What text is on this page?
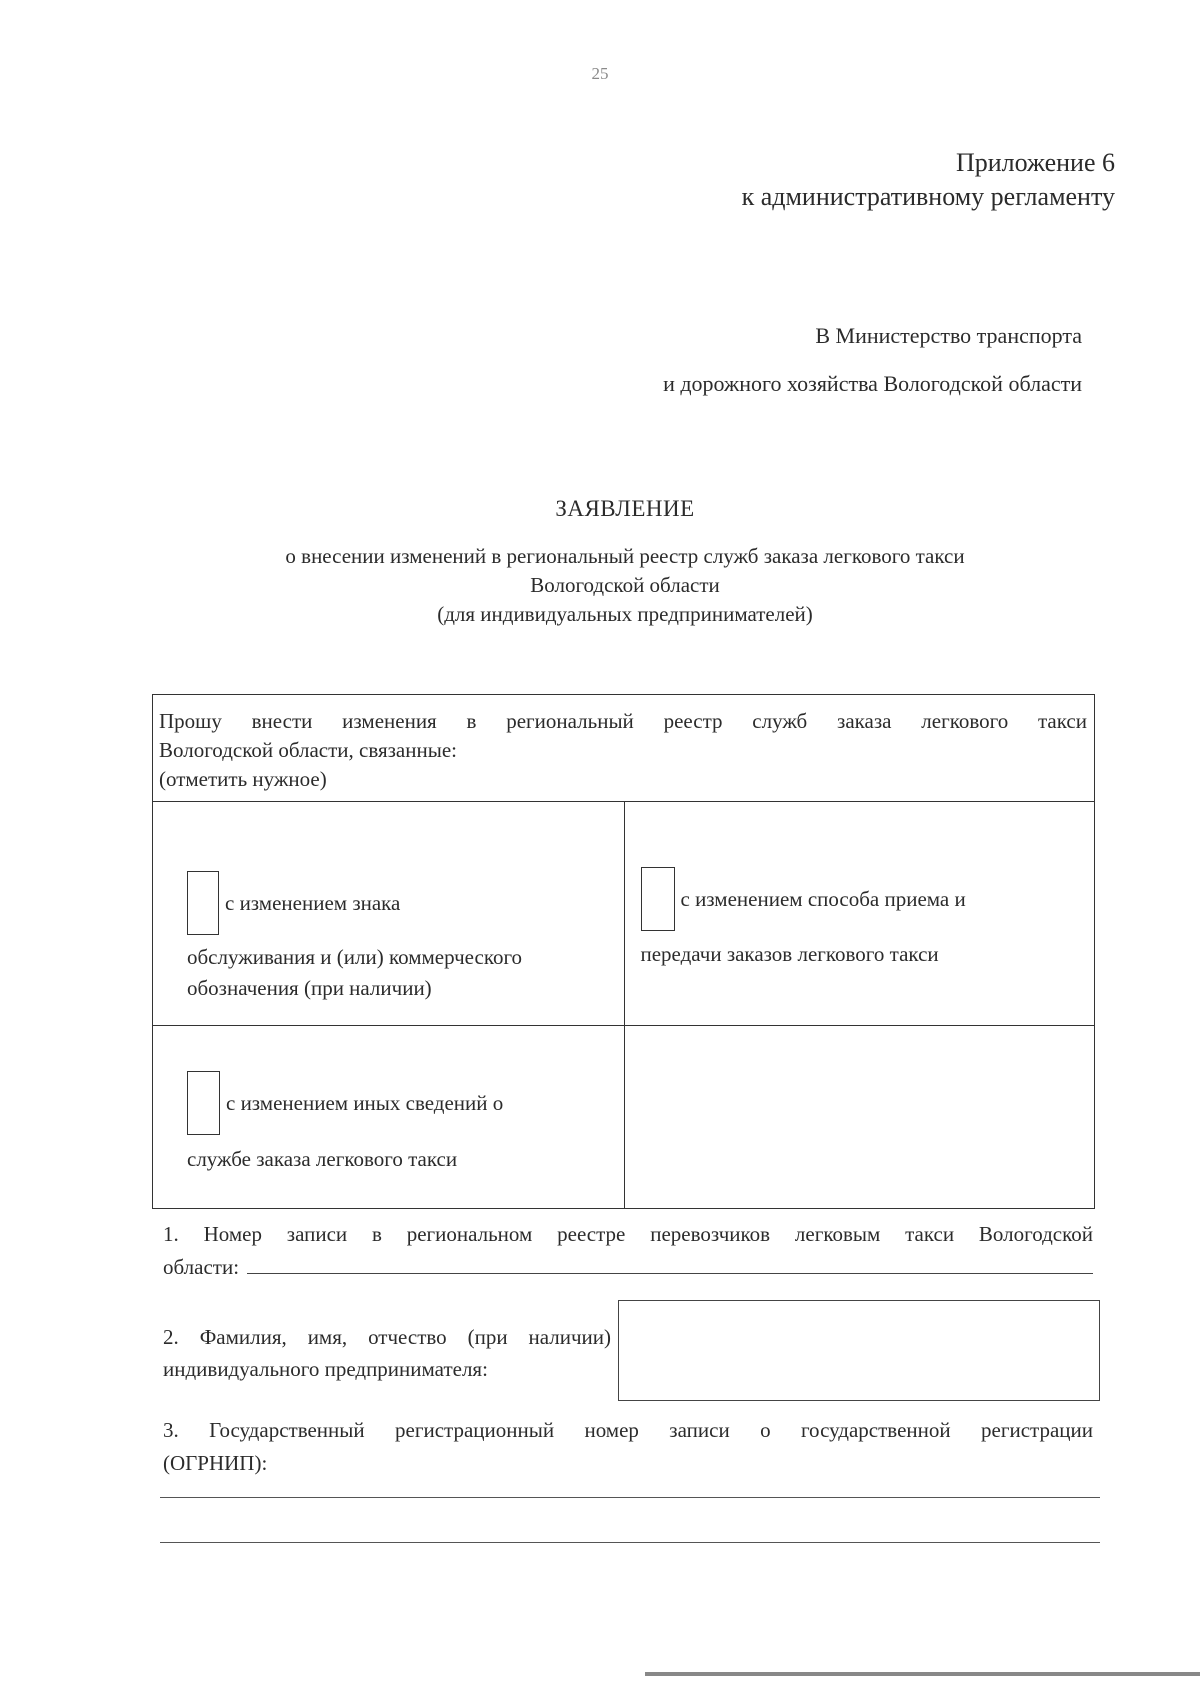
25
Приложение 6
к административному регламенту
В Министерство транспорта
и дорожного хозяйства Вологодской области
ЗАЯВЛЕНИЕ
о внесении изменений в региональный реестр служб заказа легкового такси
Вологодской области
(для индивидуальных предпринимателей)
Прошу внести изменения в региональный реестр служб заказа легкового такси
Вологодской области, связанные:
(отметить нужное)
с изменением знака
обслуживания и (или) коммерческого
обозначения (при наличии)
с изменением способа приема и
передачи заказов легкового такси
с изменением иных сведений о
службе заказа легкового такси
1. Номер записи в региональном реестре перевозчиков легковым такси Вологодской
области:
2. Фамилия, имя, отчество (при наличии)
индивидуального предпринимателя:
3. Государственный регистрационный номер записи о государственной регистрации
(ОГРНИП):
